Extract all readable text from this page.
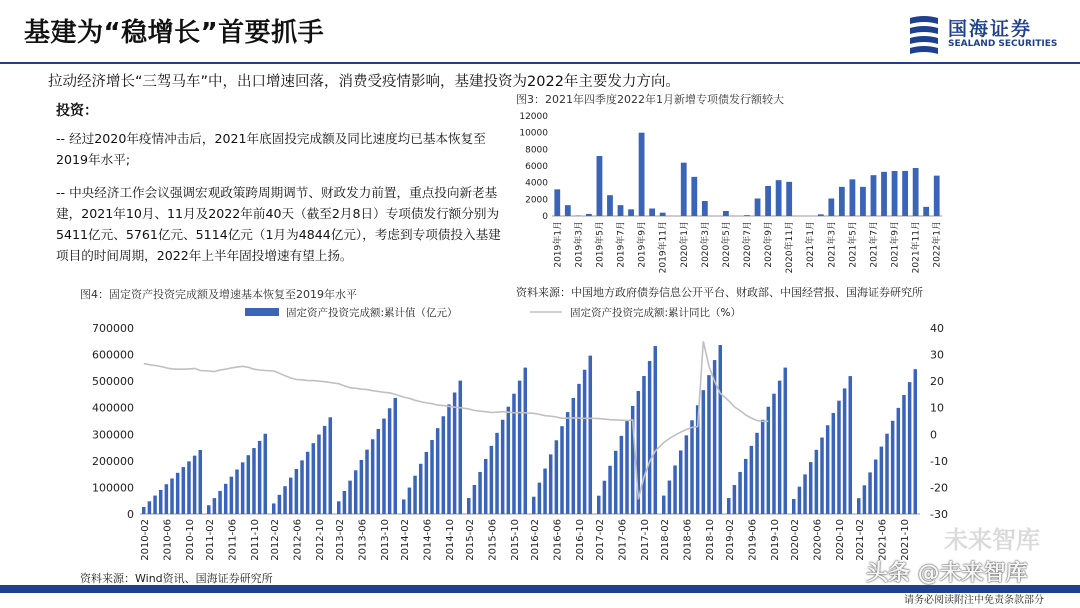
基建为“稳增长”首要抓手	国海证券
SEALAND SECURITIES
拉动经济增长“三驾马车”中，出口增速回落，消费受疫情影响，基建投资为2022年主要发力方向。
投资：
-- 经过2020年疫情冲击后，2021年底固投完成额及同比速度均已基本恢复至2019年水平;
-- 中央经济工作会议强调宏观政策跨周期调节、财政发力前置，重点投向新老基建，2021年10月、11月及2022年前40天（截至2月8日）专项债发行额分别为5411亿元、5761亿元、5114亿元（1月为4844亿元），考虑到专项债投入基建项目的时间周期，2022年上半年固投增速有望上扬。
图3：2021年四季度2022年1月新增专项债发行额较大
0
2000
4000
6000
8000
10000
12000
2019年1月 2019年3月 2019年5月 2019年7月 2019年9月 2019年11月 2020年1月 2020年3月 2020年5月 2020年7月 2020年9月 2020年11月 2021年1月 2021年3月 2021年5月 2021年7月 2021年9月 2021年11月 2022年1月
资料来源：中国地方政府债券信息公开平台、财政部、中国经营报、国海证券研究所
图4：固定资产投资完成额及增速基本恢复至2019年水平
固定资产投资完成额:累计值（亿元）	固定资产投资完成额:累计同比（%）
0
100000
200000
300000
400000
500000
600000
700000
-30
-20
-10
0
10
20
30
40
2010-02 2010-06 2010-10 2011-02 2011-06 2011-10 2012-02 2012-06 2012-10 2013-02 2013-06 2013-10 2014-02 2014-06 2014-10 2015-02 2015-06 2015-10 2016-02 2016-06 2016-10 2017-02 2017-06 2017-10 2018-02 2018-06 2018-10 2019-02 2019-06 2019-10 2020-02 2020-06 2020-10 2021-02 2021-06 2021-10
资料来源：Wind资讯、国海证券研究所
请务必阅读附注中免责条款部分
未来智库
头条 @未来智库
